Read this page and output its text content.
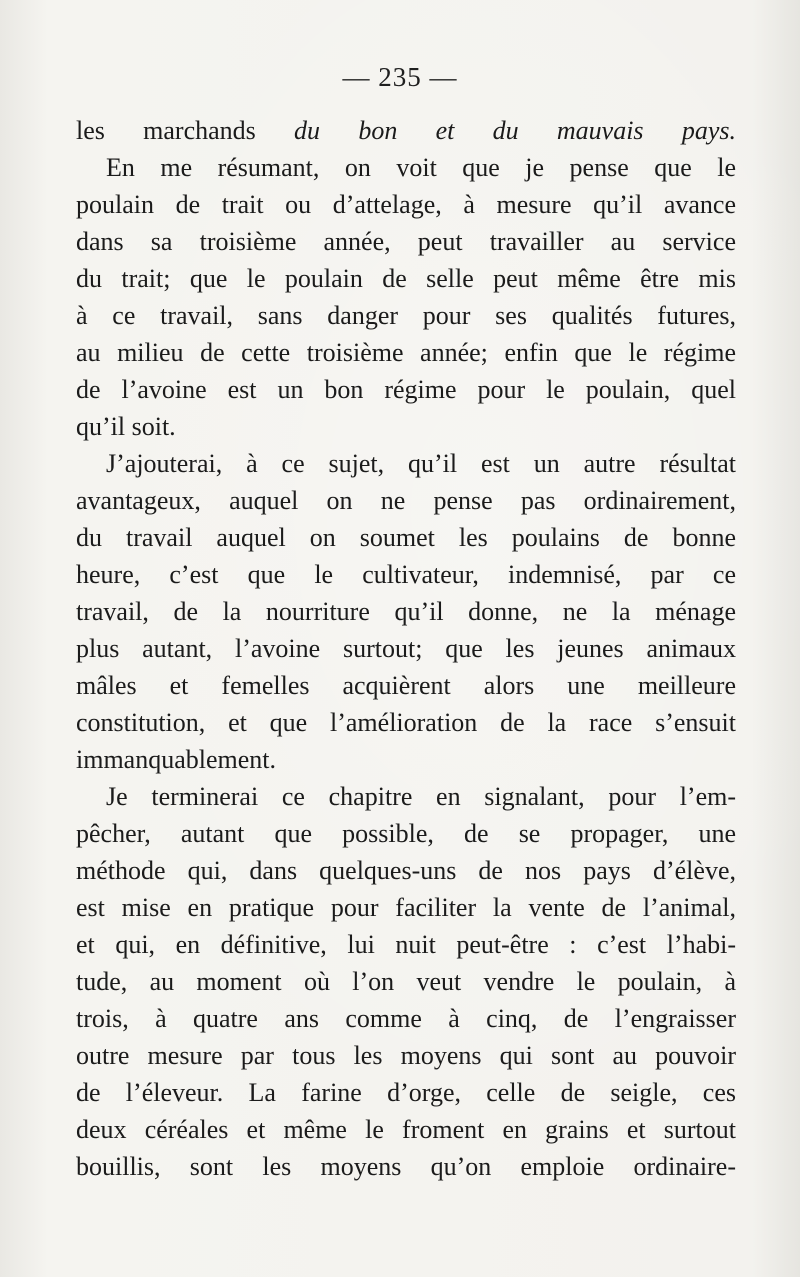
— 235 —
les marchands du bon et du mauvais pays.
En me résumant, on voit que je pense que le
poulain de trait ou d’attelage, à mesure qu’il avance
dans sa troisième année, peut travailler au service
du trait; que le poulain de selle peut même être mis
à ce travail, sans danger pour ses qualités futures,
au milieu de cette troisième année; enfin que le régime
de l’avoine est un bon régime pour le poulain, quel
qu’il soit.
J’ajouterai, à ce sujet, qu’il est un autre résultat
avantageux, auquel on ne pense pas ordinairement,
du travail auquel on soumet les poulains de bonne
heure, c’est que le cultivateur, indemnisé, par ce
travail, de la nourriture qu’il donne, ne la ménage
plus autant, l’avoine surtout; que les jeunes animaux
mâles et femelles acquièrent alors une meilleure
constitution, et que l’amélioration de la race s’ensuit
immanquablement.
Je terminerai ce chapitre en signalant, pour l’em-
pêcher, autant que possible, de se propager, une
méthode qui, dans quelques-uns de nos pays d’élève,
est mise en pratique pour faciliter la vente de l’animal,
et qui, en définitive, lui nuit peut-être : c’est l’habi-
tude, au moment où l’on veut vendre le poulain, à
trois, à quatre ans comme à cinq, de l’engraisser
outre mesure par tous les moyens qui sont au pouvoir
de l’éleveur. La farine d’orge, celle de seigle, ces
deux céréales et même le froment en grains et surtout
bouillis, sont les moyens qu’on emploie ordinaire-
